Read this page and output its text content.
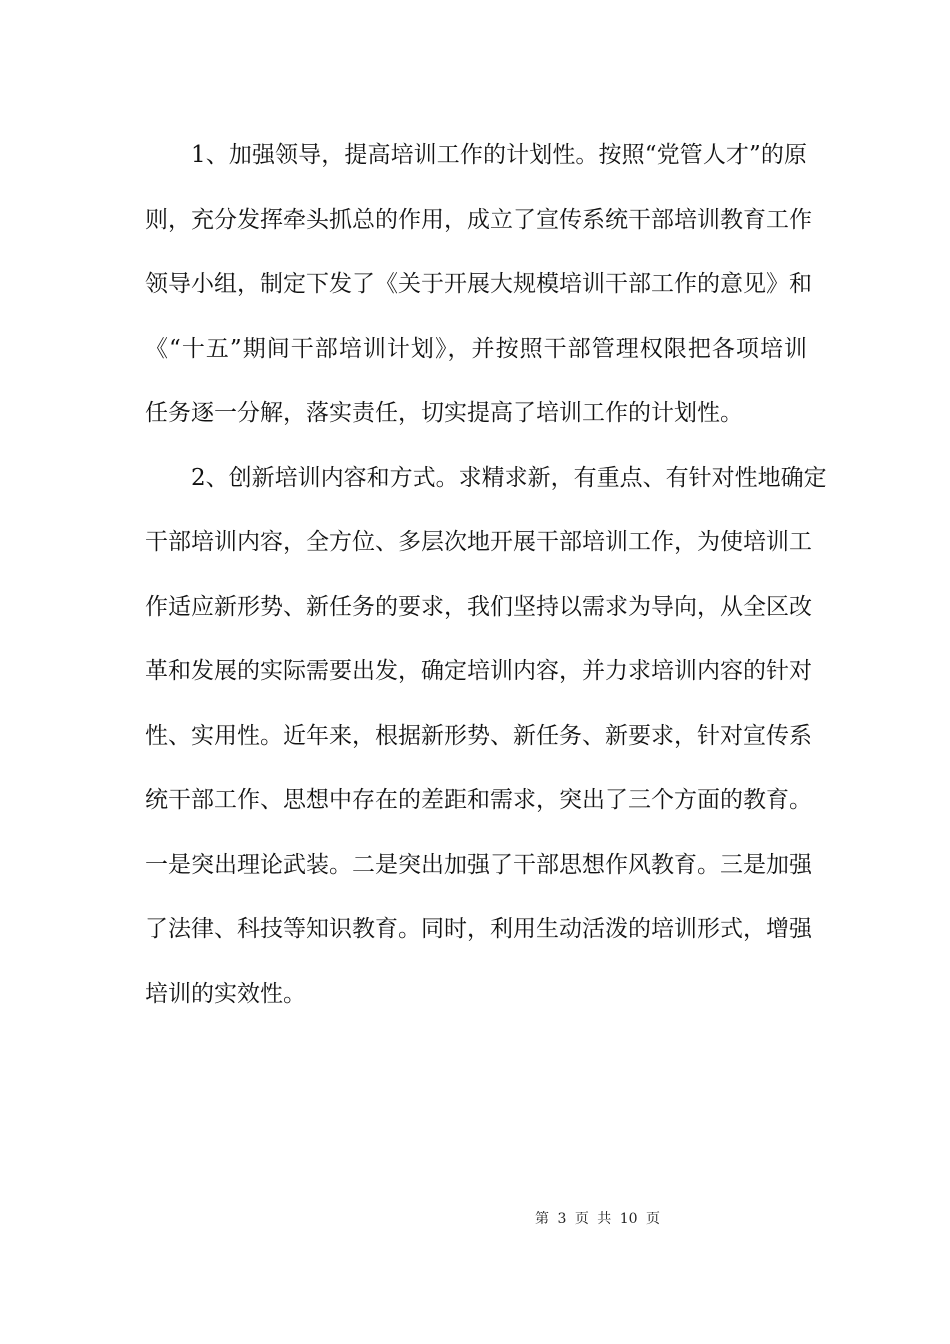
1、加强领导，提高培训工作的计划性。按照“党管人才”的原
则，充分发挥牵头抓总的作用，成立了宣传系统干部培训教育工作
领导小组，制定下发了《关于开展大规模培训干部工作的意见》和
《“十五”期间干部培训计划》，并按照干部管理权限把各项培训
任务逐一分解，落实责任，切实提高了培训工作的计划性。
2、创新培训内容和方式。求精求新，有重点、有针对性地确定
干部培训内容，全方位、多层次地开展干部培训工作，为使培训工
作适应新形势、新任务的要求，我们坚持以需求为导向，从全区改
革和发展的实际需要出发，确定培训内容，并力求培训内容的针对
性、实用性。近年来，根据新形势、新任务、新要求，针对宣传系
统干部工作、思想中存在的差距和需求，突出了三个方面的教育。
一是突出理论武装。二是突出加强了干部思想作风教育。三是加强
了法律、科技等知识教育。同时，利用生动活泼的培训形式，增强
培训的实效性。
第 3 页 共 10 页
